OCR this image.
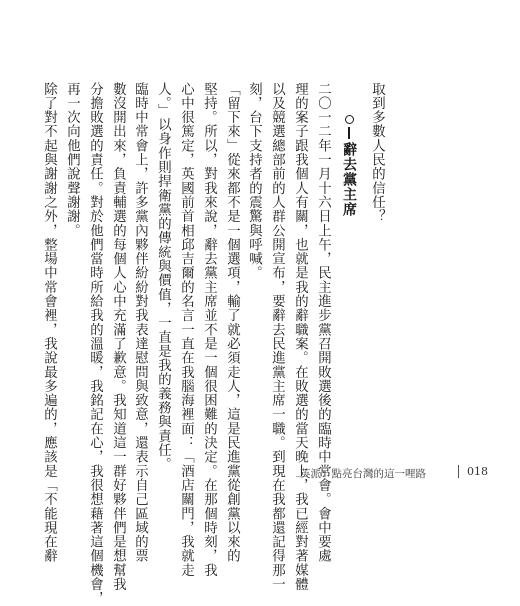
取到多數人民的信任？
辭去黨主席
二〇一二年一月十六日上午，民主進步黨召開敗選後的臨時中常會。會中要處
理的案子跟我個人有關，也就是我的辭職案。在敗選的當天晚上，我已經對著媒體
以及競選總部前的人群公開宣布，要辭去民進黨主席一職。到現在我都還記得那一
刻，台下支持者的震驚與呼喊。
「留下來」從來都不是一個選項，輸了就必須走人，這是民進黨從創黨以來的
堅持。所以，對我來說，辭去黨主席並不是一個很困難的決定。在那個時刻，我
心中很篤定，英國前首相邱吉爾的名言一直在我腦海裡面：「酒店關門，我就走
人。」以身作則捍衛黨的傳統與價值，一直是我的義務與責任。
臨時中常會上，許多黨內夥伴紛紛對我表達慰問與致意，還表示自己區域的票
數沒開出來，負責輔選的每個人心中充滿了歉意。我知道這一群好夥伴們是想幫我
分擔敗選的責任。對於他們當時所給我的溫暖，我銘記在心，我很想藉著這個機會，
再一次向他們說聲謝謝。
除了對不起與謝謝之外，整場中常會裡，我說最多遍的，應該是「不能現在辭	英派：點亮台灣的這一哩路	018
